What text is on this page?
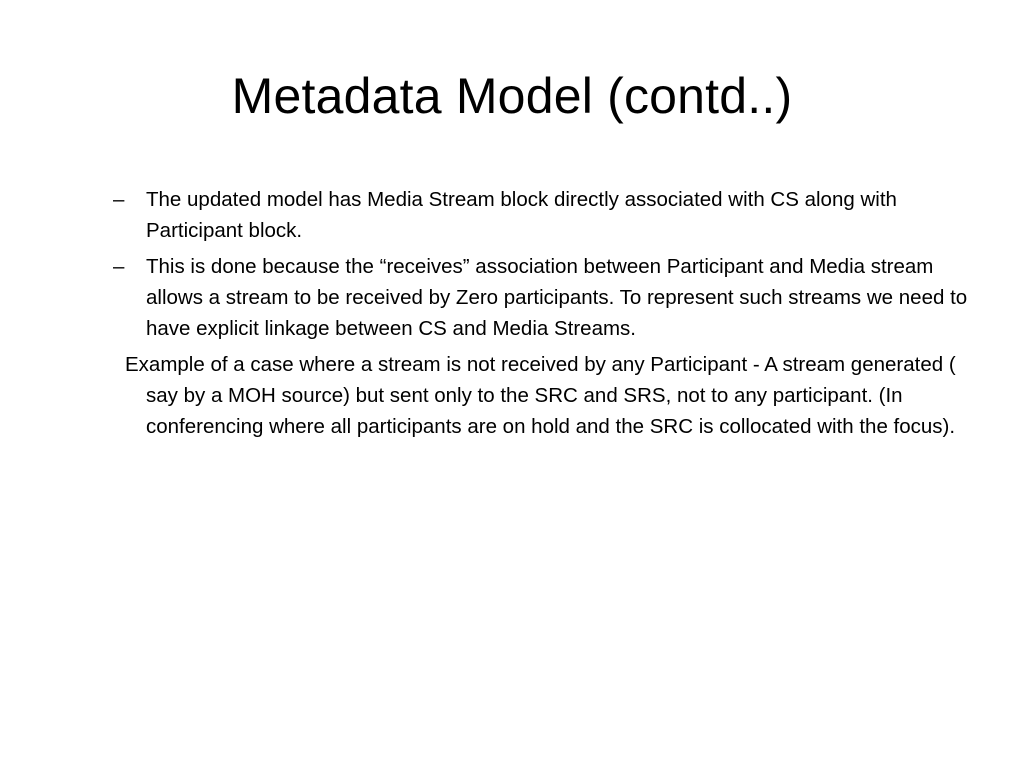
Metadata Model (contd..)
– The updated model has Media Stream block directly associated with CS along with Participant block.
– This is done because the “receives” association between Participant and Media stream allows a stream to be received by Zero participants. To represent such streams we need to have explicit linkage between CS and Media Streams.
Example of a case where a stream is not received by any Participant - A stream generated ( say by a MOH source) but sent only to the SRC and SRS, not to any participant. (In conferencing where all participants are on hold and the SRC is collocated with the focus).
